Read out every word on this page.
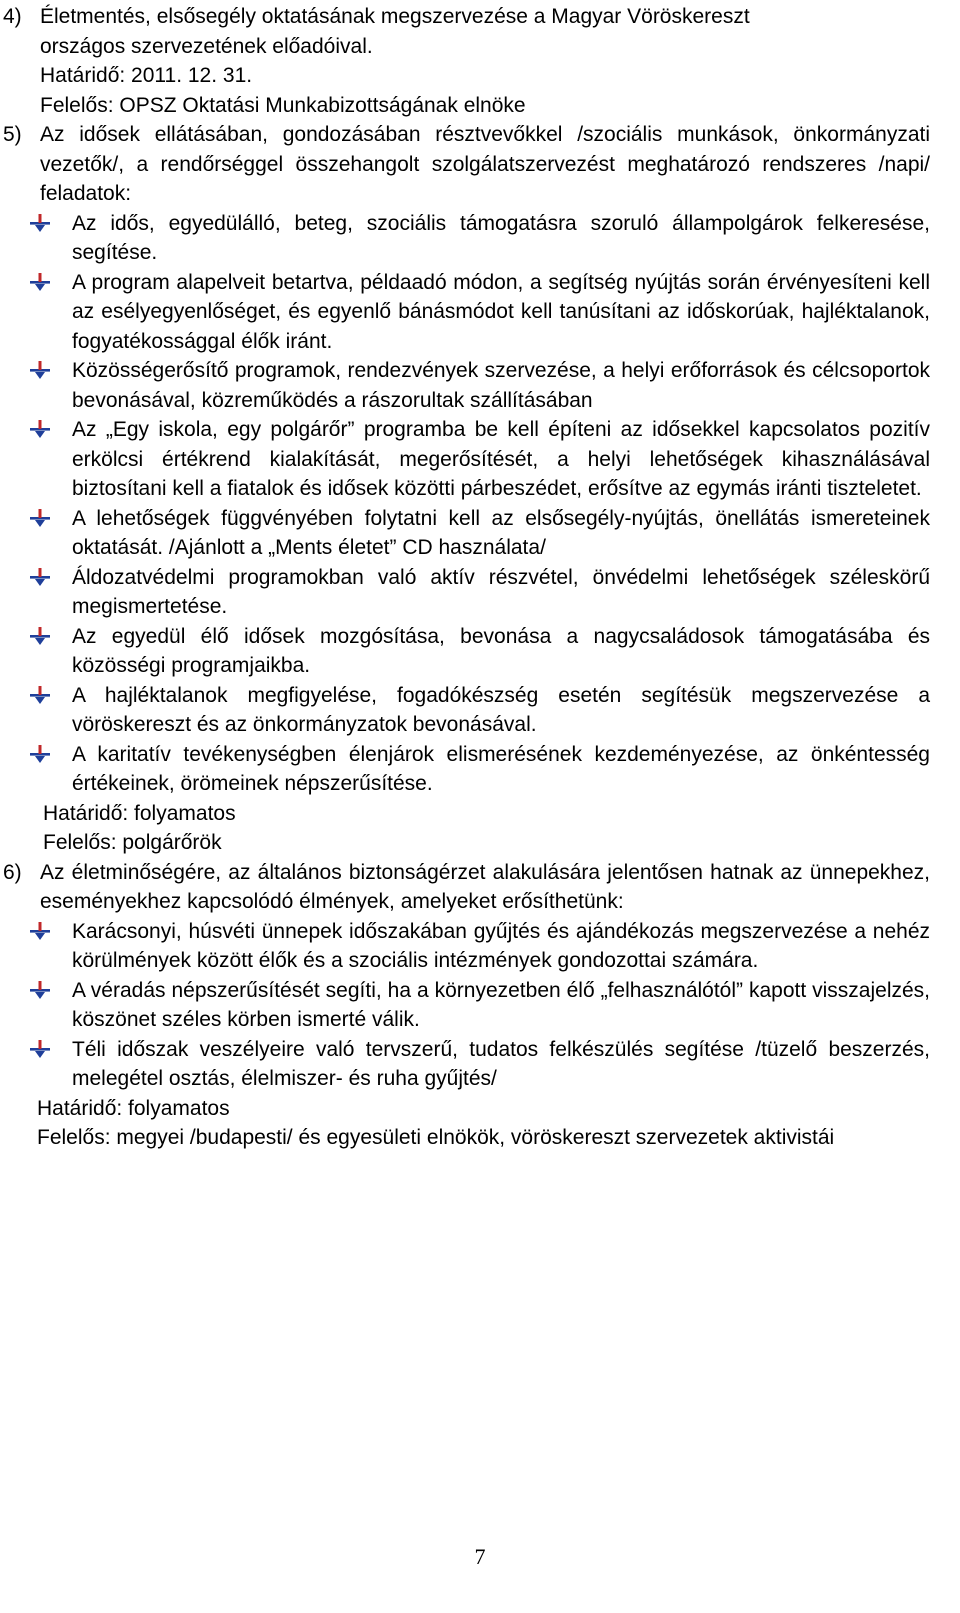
4) Életmentés, elsősegély oktatásának megszervezése a Magyar Vöröskereszt
országos szervezetének előadóival.
Határidő: 2011. 12. 31.
Felelős: OPSZ Oktatási Munkabizottságának elnöke
5) Az idősek ellátásában, gondozásában résztvevőkkel /szociális munkások, önkormányzati vezetők/, a rendőrséggel összehangolt szolgálatszervezést meghatározó rendszeres /napi/ feladatok:
Az idős, egyedülálló, beteg, szociális támogatásra szoruló állampolgárok felkeresése, segítése.
A program alapelveit betartva, példaadó módon, a segítség nyújtás során érvényesíteni kell az esélyegyenlőséget, és egyenlő bánásmódot kell tanúsítani az időskorúak, hajléktalanok, fogyatékossággal élők iránt.
Közösségerősítő programok, rendezvények szervezése, a helyi erőforrások és célcsoportok bevonásával, közreműködés a rászorultak szállításában
Az „Egy iskola, egy polgárőr” programba be kell építeni az idősekkel kapcsolatos pozitív erkölcsi értékrend kialakítását, megerősítését, a helyi lehetőségek kihasználásával biztosítani kell a fiatalok és idősek közötti párbeszédet, erősítve az egymás iránti tiszteletet.
A lehetőségek függvényében folytatni kell az elsősegély-nyújtás, önellátás ismereteinek oktatását. /Ajánlott a „Ments életet” CD használata/
Áldozatvédelmi programokban való aktív részvétel, önvédelmi lehetőségek széleskörű megismertetése.
Az egyedül élő idősek mozgósítása, bevonása a nagycsaládosok támogatásába és közösségi programjaikba.
A hajléktalanok megfigyelése, fogadókészség esetén segítésük megszervezése a vöröskereszt és az önkormányzatok bevonásával.
A karitatív tevékenységben élenjárok elismerésének kezdeményezése, az önkéntesség értékeinek, örömeinek népszerűsítése.
Határidő: folyamatos
Felelős: polgárőrök
6) Az életminőségére, az általános biztonságérzet alakulására jelentősen hatnak az ünnepekhez, eseményekhez kapcsolódó élmények, amelyeket erősíthetünk:
Karácsonyi, húsvéti ünnepek időszakában gyűjtés és ajándékozás megszervezése a nehéz körülmények között élők és a szociális intézmények gondozottai számára.
A véradás népszerűsítését segíti, ha a környezetben élő „felhasználótól” kapott visszajelzés, köszönet széles körben ismerté válik.
Téli időszak veszélyeire való tervszerű, tudatos felkészülés segítése /tüzelő beszerzés, melegétel osztás, élelmiszer- és ruha gyűjtés/
Határidő: folyamatos
Felelős: megyei /budapesti/ és egyesületi elnökök, vöröskereszt szervezetek aktivistái
7
